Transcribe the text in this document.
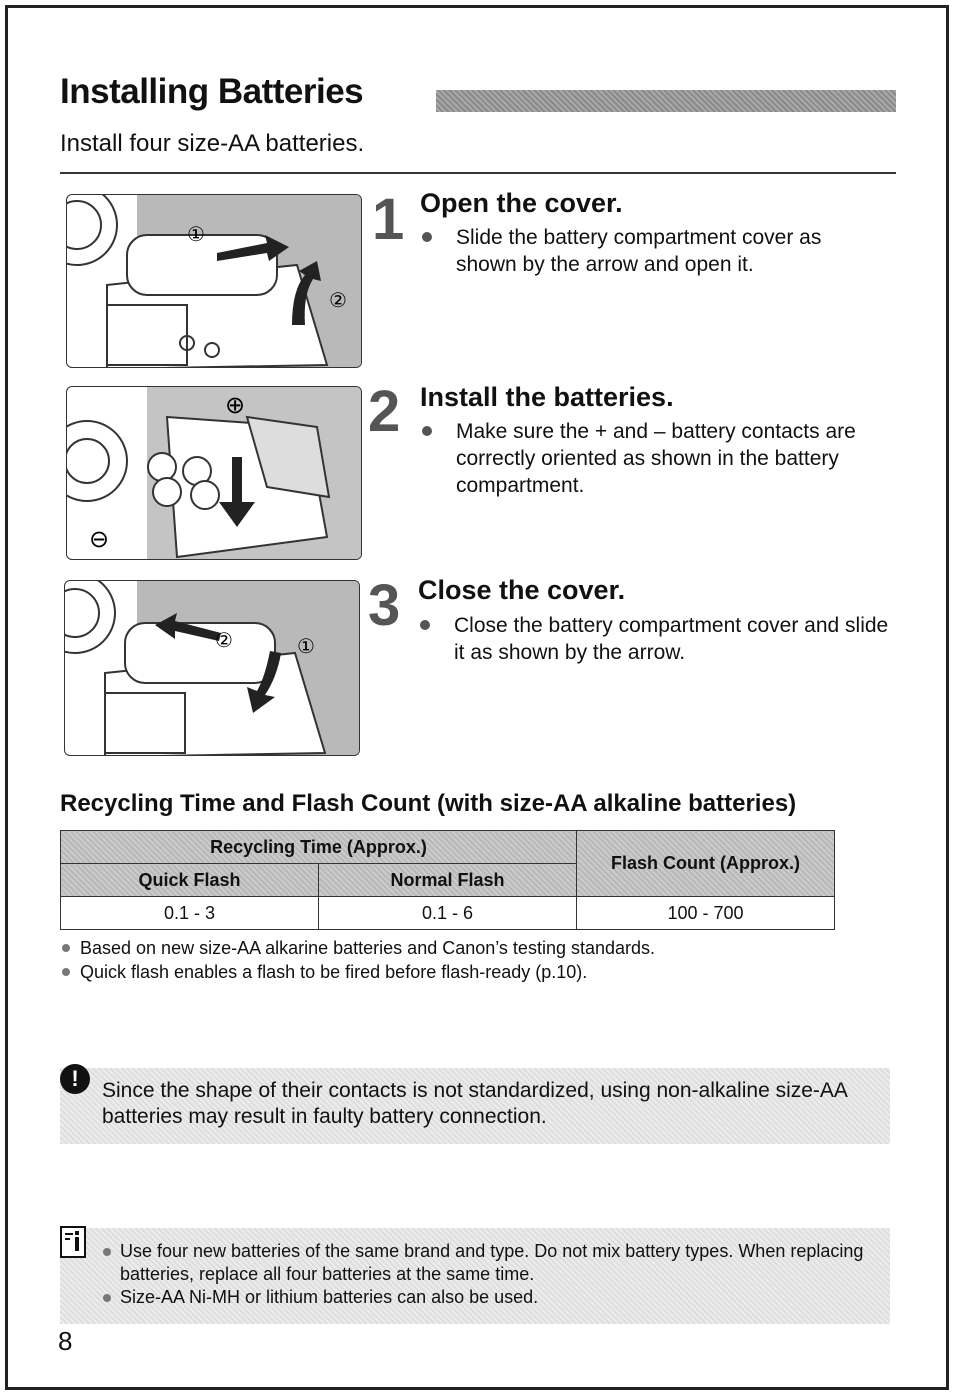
Installing Batteries
Install four size-AA batteries.
①
②
1 Open the cover.
Slide the battery compartment cover as shown by the arrow and open it.
⊕
⊖
2 Install the batteries.
Make sure the + and – battery contacts are correctly oriented as shown in the battery compartment.
②	①
3 Close the cover.
Close the battery compartment cover and slide it as shown by the arrow.
Recycling Time and Flash Count (with size-AA alkaline batteries)
Recycling Time (Approx.)		Flash Count (Approx.)
Quick Flash	Normal Flash	
0.1 - 3	0.1 - 6	100 - 700
Based on new size-AA alkarine batteries and Canon’s testing standards.
Quick flash enables a flash to be fired before flash-ready (p.10).
!	Since the shape of their contacts is not standardized, using non-alkaline size-AA batteries may result in faulty battery connection.
Use four new batteries of the same brand and type. Do not mix battery types. When replacing batteries, replace all four batteries at the same time.
Size-AA Ni-MH or lithium batteries can also be used.
8
